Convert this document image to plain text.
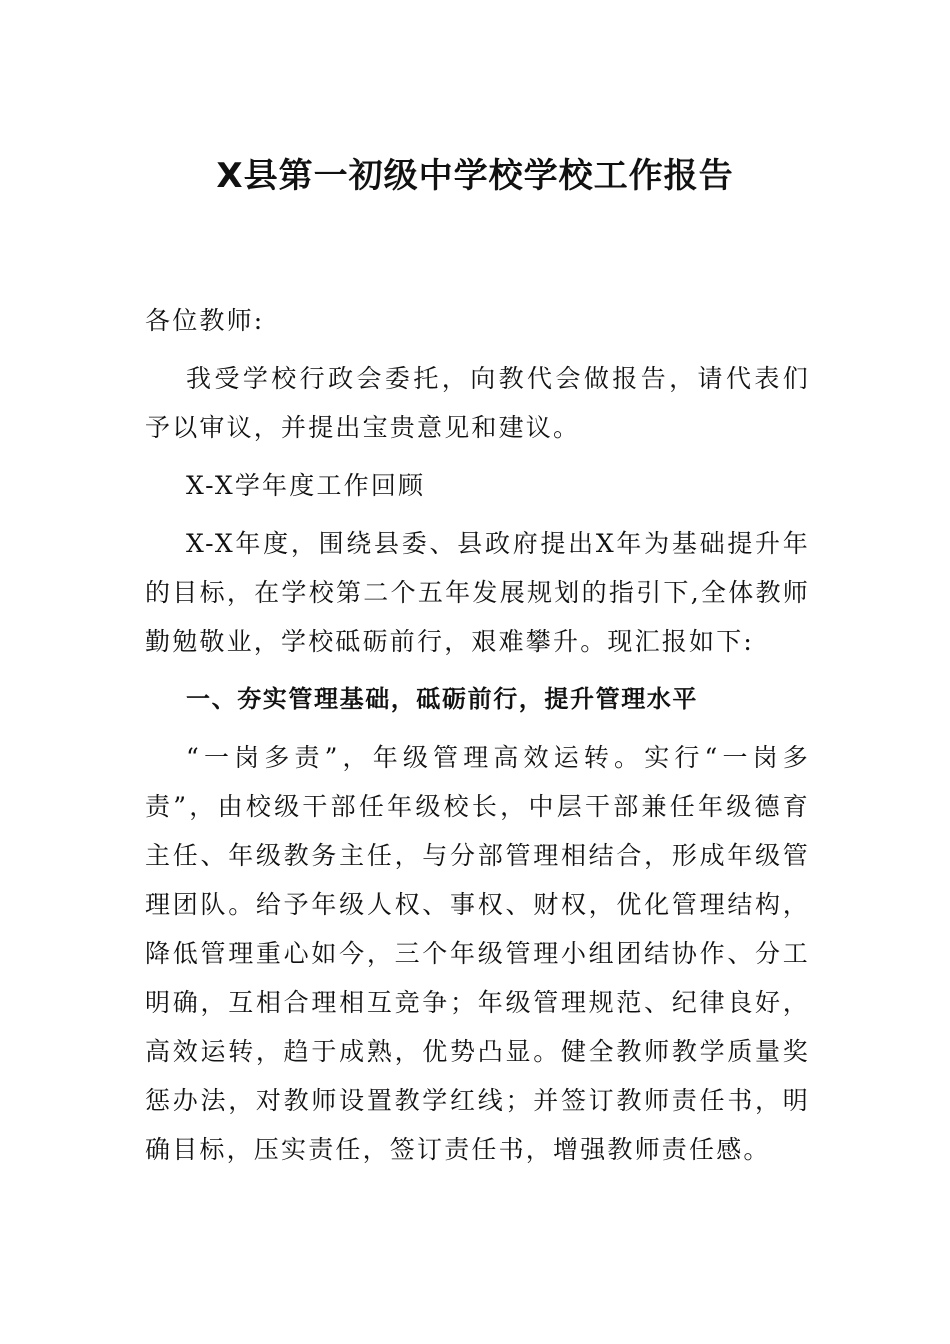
X县第一初级中学校学校工作报告

各位教师:

我受学校行政会委托，向教代会做报告，请代表们予以审议，并提出宝贵意见和建议。

X-X学年度工作回顾

X-X年度，围绕县委、县政府提出X年为基础提升年的目标，在学校第二个五年发展规划的指引下,全体教师勤勉敬业，学校砥砺前行，艰难攀升。现汇报如下:

一、夯实管理基础，砥砺前行，提升管理水平

“一岗多责”，年级管理高效运转。实行“一岗多责”，由校级干部任年级校长，中层干部兼任年级德育主任、年级教务主任，与分部管理相结合，形成年级管理团队。给予年级人权、事权、财权，优化管理结构，降低管理重心如今，三个年级管理小组团结协作、分工明确，互相合理相互竞争；年级管理规范、纪律良好，高效运转，趋于成熟，优势凸显。健全教师教学质量奖惩办法，对教师设置教学红线；并签订教师责任书，明确目标，压实责任，签订责任书，增强教师责任感。
